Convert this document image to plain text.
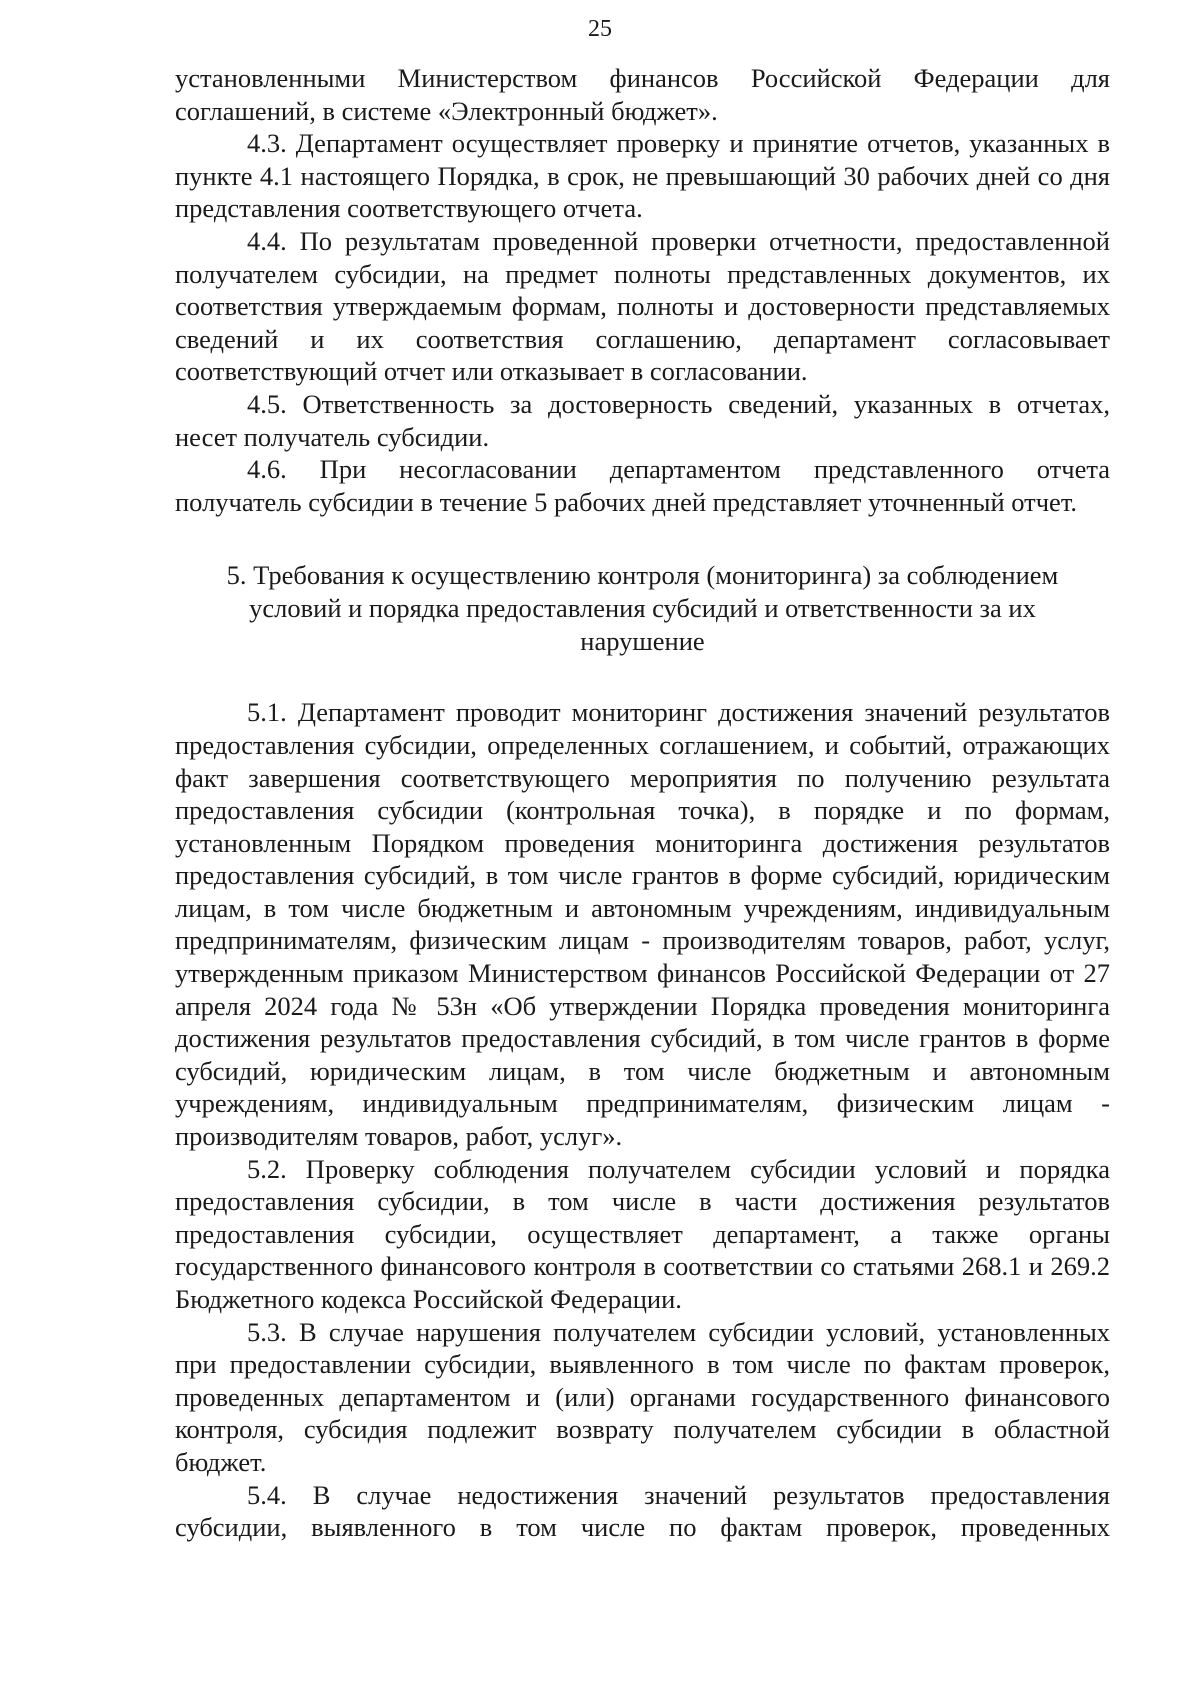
25

установленными Министерством финансов Российской Федерации для соглашений, в системе «Электронный бюджет».

4.3. Департамент осуществляет проверку и принятие отчетов, указанных в пункте 4.1 настоящего Порядка, в срок, не превышающий 30 рабочих дней со дня представления соответствующего отчета.

4.4. По результатам проведенной проверки отчетности, предоставленной получателем субсидии, на предмет полноты представленных документов, их соответствия утверждаемым формам, полноты и достоверности представляемых сведений и их соответствия соглашению, департамент согласовывает соответствующий отчет или отказывает в согласовании.

4.5. Ответственность за достоверность сведений, указанных в отчетах, несет получатель субсидии.

4.6. При несогласовании департаментом представленного отчета получатель субсидии в течение 5 рабочих дней представляет уточненный отчет.

5. Требования к осуществлению контроля (мониторинга) за соблюдением
условий и порядка предоставления субсидий и ответственности за их
нарушение

5.1. Департамент проводит мониторинг достижения значений результатов предоставления субсидии, определенных соглашением, и событий, отражающих факт завершения соответствующего мероприятия по получению результата предоставления субсидии (контрольная точка), в порядке и по формам, установленным Порядком проведения мониторинга достижения результатов предоставления субсидий, в том числе грантов в форме субсидий, юридическим лицам, в том числе бюджетным и автономным учреждениям, индивидуальным предпринимателям, физическим лицам - производителям товаров, работ, услуг, утвержденным приказом Министерством финансов Российской Федерации от 27 апреля 2024 года № 53н «Об утверждении Порядка проведения мониторинга достижения результатов предоставления субсидий, в том числе грантов в форме субсидий, юридическим лицам, в том числе бюджетным и автономным учреждениям, индивидуальным предпринимателям, физическим лицам - производителям товаров, работ, услуг».

5.2. Проверку соблюдения получателем субсидии условий и порядка предоставления субсидии, в том числе в части достижения результатов предоставления субсидии, осуществляет департамент, а также органы государственного финансового контроля в соответствии со статьями 268.1 и 269.2 Бюджетного кодекса Российской Федерации.

5.3. В случае нарушения получателем субсидии условий, установленных при предоставлении субсидии, выявленного в том числе по фактам проверок, проведенных департаментом и (или) органами государственного финансового контроля, субсидия подлежит возврату получателем субсидии в областной бюджет.

5.4. В случае недостижения значений результатов предоставления субсидии, выявленного в том числе по фактам проверок, проведенных
